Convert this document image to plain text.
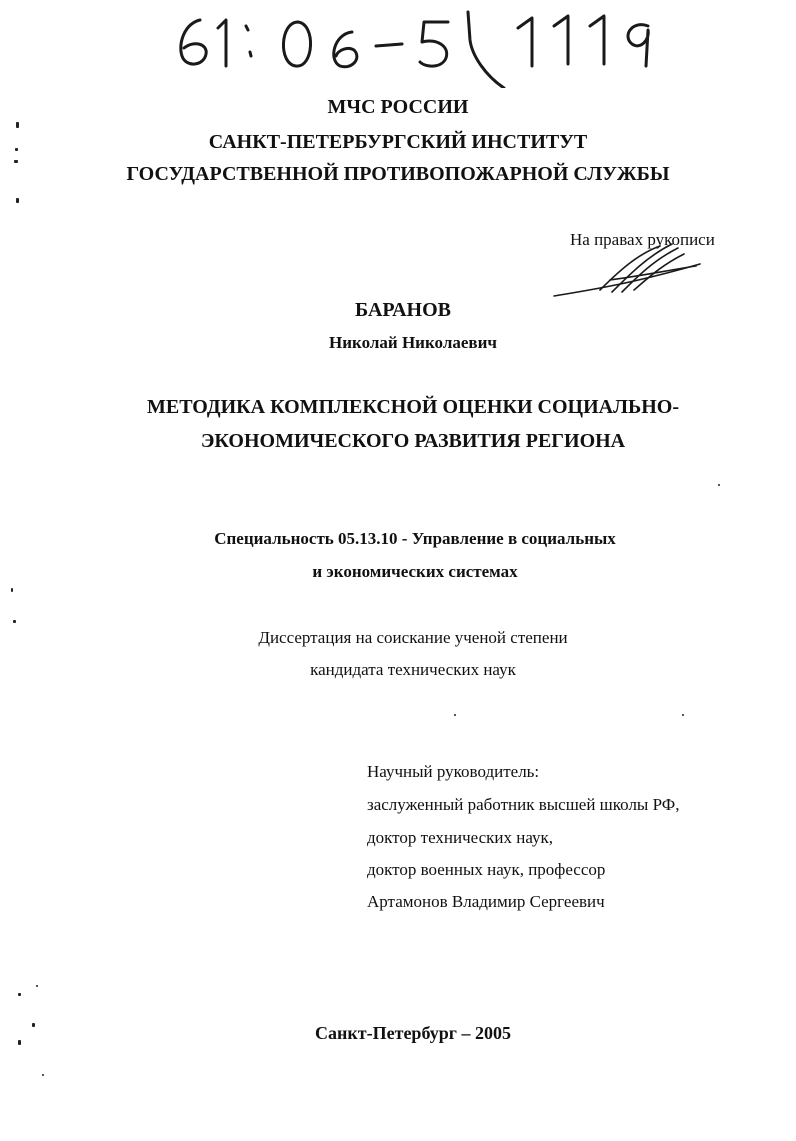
МЧС РОССИИ
САНКТ-ПЕТЕРБУРГСКИЙ ИНСТИТУТ
ГОСУДАРСТВЕННОЙ ПРОТИВОПОЖАРНОЙ СЛУЖБЫ
На правах рукописи
БАРАНОВ
Николай Николаевич
МЕТОДИКА КОМПЛЕКСНОЙ ОЦЕНКИ СОЦИАЛЬНО-
ЭКОНОМИЧЕСКОГО РАЗВИТИЯ РЕГИОНА
Специальность 05.13.10 - Управление в социальных
и экономических системах
Диссертация на соискание ученой степени
кандидата технических наук
Научный руководитель:
заслуженный работник высшей школы РФ,
доктор технических наук,
доктор военных наук, профессор
Артамонов Владимир Сергеевич
Санкт-Петербург – 2005
